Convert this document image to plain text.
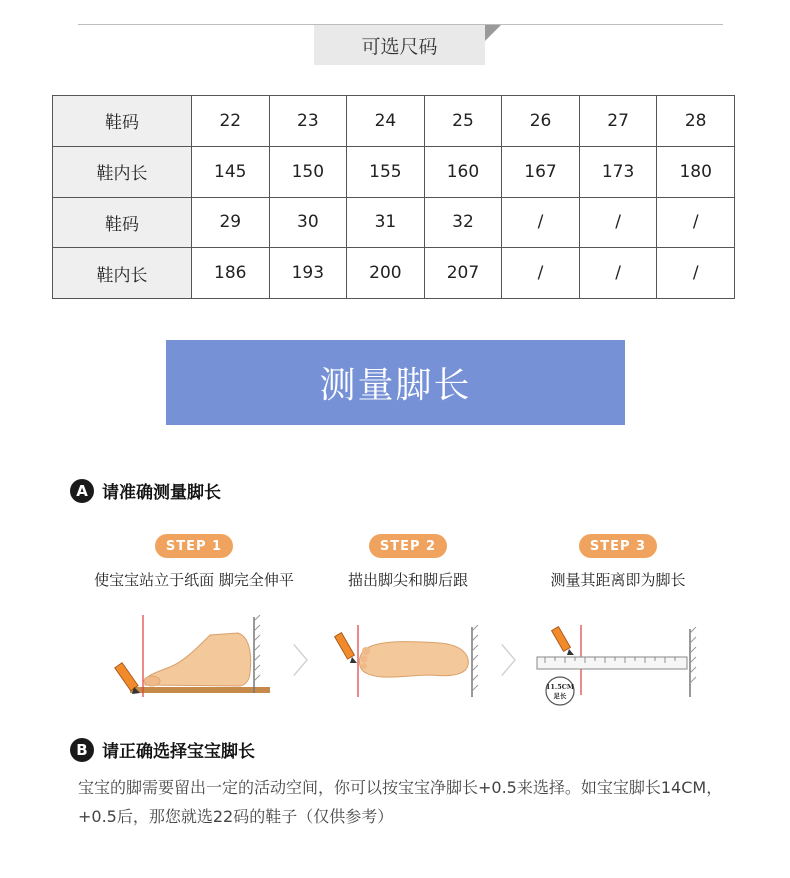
可选尺码
鞋码	22	23	24	25	26	27	28
鞋内长	145	150	155	160	167	173	180
鞋码	29	30	31	32	/	/	/
鞋内长	186	193	200	207	/	/	/
测量脚长
A 请准确测量脚长
STEP 1
使宝宝站立于纸面 脚完全伸平
STEP 2
描出脚尖和脚后跟
STEP 3
测量其距离即为脚长
〉	〉
11.5CM
足长
B 请正确选择宝宝脚长
宝宝的脚需要留出一定的活动空间，你可以按宝宝净脚长+0.5来选择。如宝宝脚长14CM， +0.5后，那您就选22码的鞋子（仅供参考）
